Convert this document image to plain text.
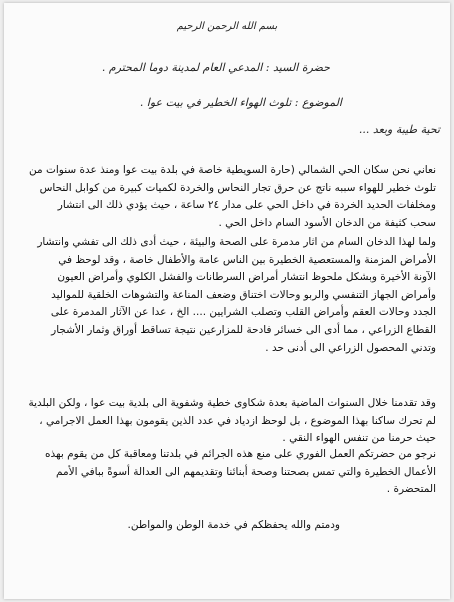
بسم الله الرحمن الرحيم
حضرة السيد : المدعي العام لمدينة دوما المحترم .
الموضوع : تلوث الهواء الخطير في بيت عوا .
تحية طيبة وبعد ...
نعاني نحن سكان الحي الشمالي (حارة السويطية خاصة في بلدة بيت عوا ومنذ عدة سنوات من
تلوث خطير للهواء سببه ناتج عن حرق تجار النحاس والخردة لكميات كبيرة من كوابل النحاس
ومخلفات الحديد الخردة في داخل الحي على مدار ٢٤ ساعة ، حيث يؤدي ذلك الى انتشار
سحب كثيفة من الدخان الأسود السام داخل الحي .
ولما لهذا الدخان السام من اثار مدمرة على الصحة والبيئة ، حيث أدى ذلك الى تفشي وانتشار
الأمراض المزمنة والمستعصية الخطيرة بين الناس عامة والأطفال خاصة ، وقد لوحظ في
الآونة الأخيرة وبشكل ملحوظ انتشار أمراض السرطانات والفشل الكلوي وأمراض العيون
وأمراض الجهاز التنفسي والربو وحالات اختناق وضعف المناعة والتشوهات الخلقية للمواليد
الجدد وحالات العقم وأمراض القلب وتصلب الشرايين .... الخ ، عدا عن الآثار المدمرة على
القطاع الزراعي ، مما أدى الى خسائر فادحة للمزارعين نتيجة تساقط أوراق وثمار الأشجار
وتدني المحصول الزراعي الى أدنى حد .
وقد تقدمنا خلال السنوات الماضية بعدة شكاوى خطية وشفوية الى بلدية بيت عوا ، ولكن البلدية
لم تحرك ساكنا بهذا الموضوع ، بل لوحظ ازدياد في عدد الذين يقومون بهذا العمل الاجرامي ،
حيث حرمنا من تنفس الهواء النقي .
نرجو من حضرتكم العمل الفوري على منع هذه الجرائم في بلدتنا ومعاقبة كل من يقوم بهذه
الأعمال الخطيرة والتي تمس بصحتنا وصحة أبنائنا وتقديمهم الى العدالة أسوةً ببافي الأمم
المتحضرة .
ودمتم والله يحفظكم في خدمة الوطن والمواطن.
